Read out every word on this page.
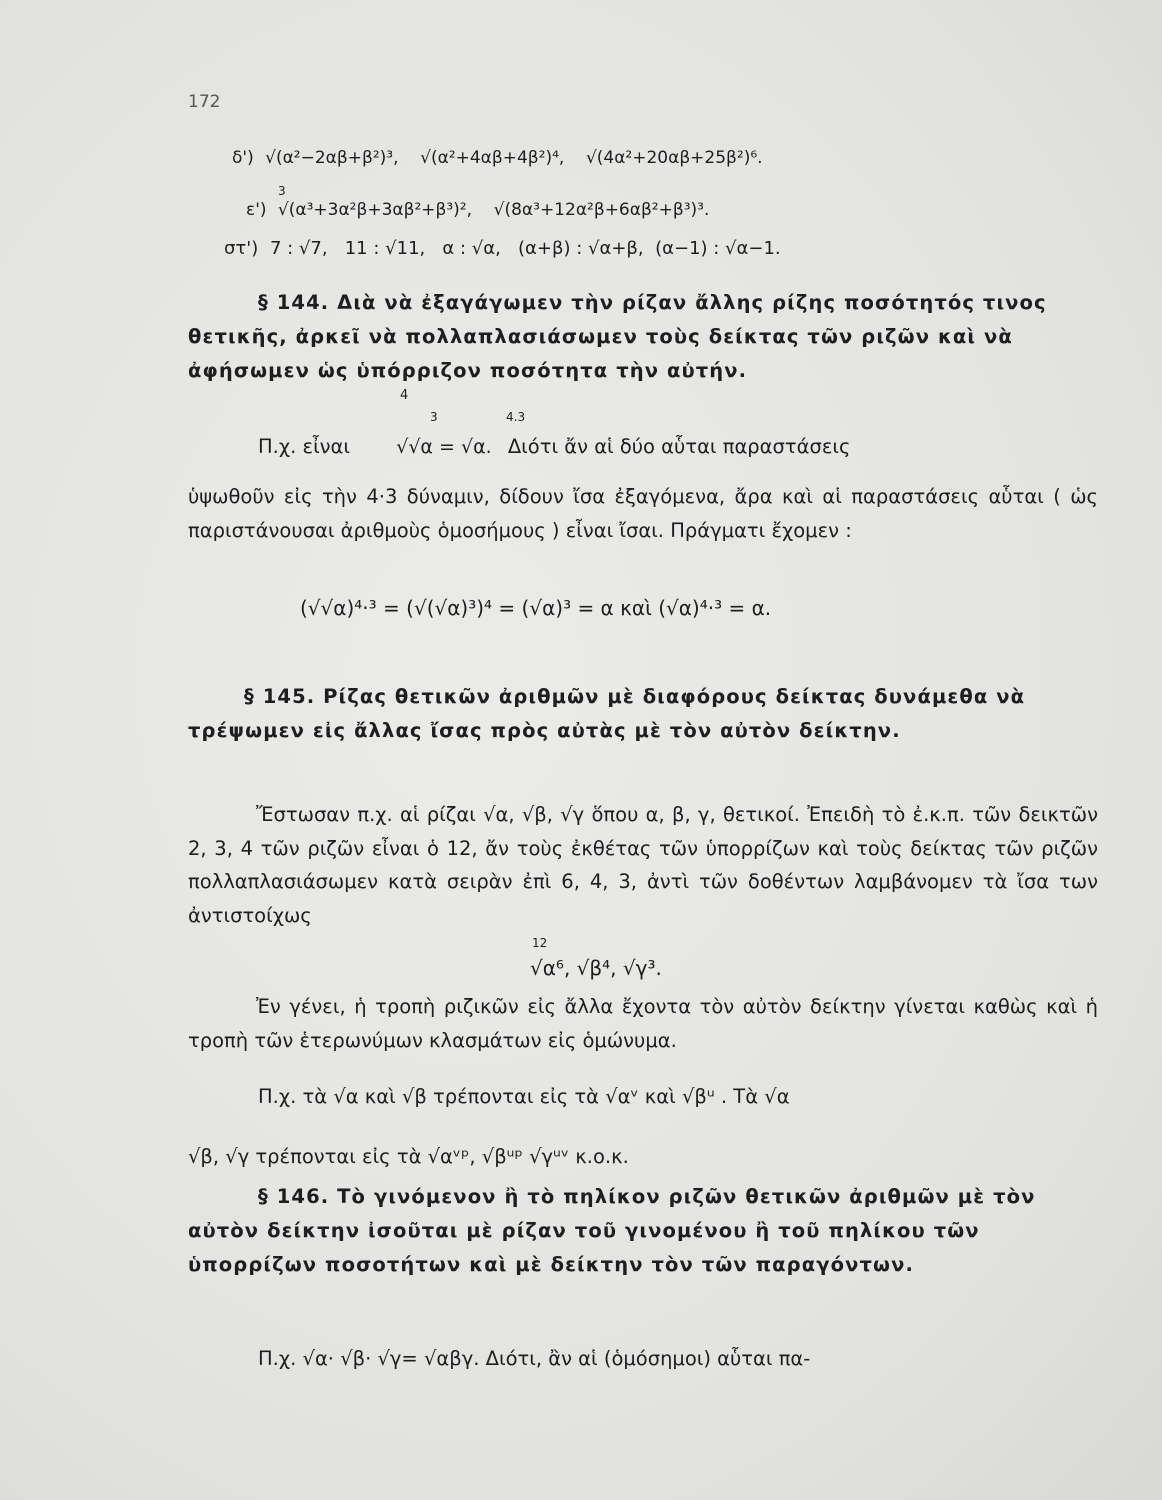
172
δ') √(α²−2αβ+β²)³, √(α²+4αβ+4β²)⁴, √(4α²+20αβ+25β²)⁶.
3
ε') √(α³+3α²β+3αβ²+β³)², √(8α³+12α²β+6αβ²+β³)³.
στ') 7 : √7, 11 : √11, α : √α, (α+β) : √α+β, (α−1) : √α−1.
§ 144. Διὰ νὰ ἐξαγάγωμεν τὴν ρίζαν ἄλλης ρίζης ποσότητός τινος θετικῆς, ἀρκεῖ νὰ πολλαπλασιάσωμεν τοὺς δείκτας τῶν ριζῶν καὶ νὰ ἀφήσωμεν ὡς ὑπόρριζον ποσότητα τὴν αὐτήν.
4
3	4.3
Π.χ. εἶναι √√α = √α. Διότι ἄν αἱ δύο αὗται παραστάσεις
ὑψωθοῦν εἰς τὴν 4·3 δύναμιν, δίδουν ἴσα ἐξαγόμενα, ἄρα καὶ αἱ παραστάσεις αὗται ( ὡς παριστάνουσαι ἀριθμοὺς ὁμοσήμους ) εἶναι ἴσαι. Πράγματι ἔχομεν :
(√√α)⁴·³ = (√(√α)³)⁴ = (√α)³ = α καὶ (√α)⁴·³ = α.
§ 145. Ρίζας θετικῶν ἀριθμῶν μὲ διαφόρους δείκτας δυνάμεθα νὰ τρέψωμεν εἰς ἄλλας ἴσας πρὸς αὐτὰς μὲ τὸν αὐτὸν δείκτην.
Ἔστωσαν π.χ. αἱ ρίζαι √α, √β, √γ ὅπου α, β, γ, θετικοί. Ἐπειδὴ τὸ ἐ.κ.π. τῶν δεικτῶν 2, 3, 4 τῶν ριζῶν εἶναι ὁ 12, ἄν τοὺς ἐκθέτας τῶν ὑπορρίζων καὶ τοὺς δείκτας τῶν ριζῶν πολλαπλασιάσωμεν κατὰ σειρὰν ἐπὶ 6, 4, 3, ἀντὶ τῶν δοθέντων λαμβάνομεν τὰ ἴσα των ἀντιστοίχως
12
√α⁶, √β⁴, √γ³.
Ἐν γένει, ἡ τροπὴ ριζικῶν εἰς ἄλλα ἔχοντα τὸν αὐτὸν δείκτην γίνεται καθὼς καὶ ἡ τροπὴ τῶν ἑτερωνύμων κλασμάτων εἰς ὁμώνυμα.
Π.χ. τὰ √α καὶ √β τρέπονται εἰς τὰ √αᵛ καὶ √βᵘ . Τὰ √α
√β, √γ τρέπονται εἰς τὰ √αᵛᵖ, √βᵘᵖ √γᵘᵛ κ.ο.κ.
§ 146. Τὸ γινόμενον ἢ τὸ πηλίκον ριζῶν θετικῶν ἀριθμῶν μὲ τὸν αὐτὸν δείκτην ἰσοῦται μὲ ρίζαν τοῦ γινομένου ἢ τοῦ πηλίκου τῶν ὑπορρίζων ποσοτήτων καὶ μὲ δείκτην τὸν τῶν παραγόντων.
Π.χ. √α· √β· √γ= √αβγ. Διότι, ἂν αἱ (ὁμόσημοι) αὗται πα-
